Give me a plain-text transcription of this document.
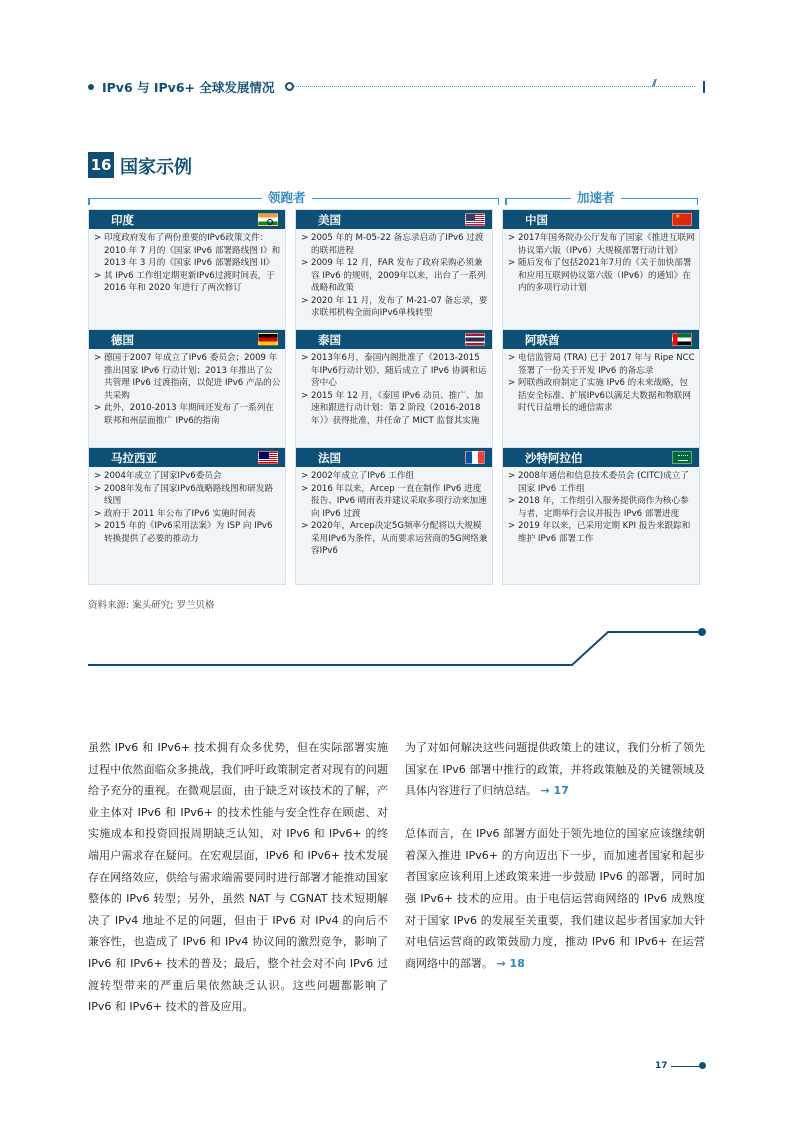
IPv6 与 IPv6+ 全球发展情况	//
16 国家示例
领跑者	加速者
印度
> 印度政府发布了两份重要的IPv6政策文件：2010 年 7 月的《国家 IPv6 部署路线图 I》和 2013 年 3 月的《国家 IPv6 部署路线图 II》
> 其 IPv6 工作组定期更新IPv6过渡时间表，于 2016 年和 2020 年进行了两次修订
美国
> 2005 年的 M-05-22 备忘录启动了IPv6 过渡的联邦进程
> 2009 年 12 月，FAR 发布了政府采购必须兼容 IPv6 的规则，2009年以来，出台了一系列战略和政策
> 2020 年 11 月，发布了 M-21-07 备忘录，要求联邦机构全面向IPv6单栈转型
中国
★
> 2017年国务院办公厅发布了国家《推进互联网协议第六版（IPv6）大规模部署行动计划》
> 随后发布了包括2021年7月的《关于加快部署和应用互联网协议第六版（IPv6）的通知》在内的多项行动计划
德国
> 德国于2007 年成立了IPv6 委员会；2009 年推出国家 IPv6 行动计划；2013 年推出了公共管理 IPv6 过渡指南，以促进 IPv6 产品的公共采购
> 此外，2010-2013 年期间还发布了一系列在联邦和州层面推广 IPv6的指南
泰国
> 2013年6月，泰国内阁批准了《2013-2015年IPv6行动计划》，随后成立了 IPv6 协调和运营中心
> 2015 年 12 月，《泰国 IPv6 动员、推广、加速和跟进行动计划：第 2 阶段（2016-2018 年）》获得批准，并任命了 MICT 监督其实施
阿联酋
> 电信监管局 (TRA) 已于 2017 年与 Ripe NCC 签署了一份关于开发 IPv6 的备忘录
> 阿联酋政府制定了实施 IPv6 的未来战略，包括安全标准、扩展IPv6以满足大数据和物联网时代日益增长的通信需求
马拉西亚
> 2004年成立了国家IPv6委员会
> 2008年发布了国家IPv6战略路线图和研发路线图
> 政府于 2011 年公布了IPv6 实施时间表
> 2015 年的《IPv6采用法案》为 ISP 向 IPv6转换提供了必要的推动力
法国
> 2002年成立了IPv6 工作组
> 2016 年以来，Arcep 一直在制作 IPv6 进度报告、IPv6 晴雨表并建议采取多项行动来加速向 IPv6 过渡
> 2020年，Arcep决定5G频率分配将以大规模采用IPv6为条件，从而要求运营商的5G网络兼容IPv6
沙特阿拉伯
> 2008年通信和信息技术委员会 (CITC)成立了国家 IPv6 工作组
> 2018 年，工作组引入服务提供商作为核心参与者，定期举行会议并报告 IPv6 部署进度
> 2019 年以来，已采用定期 KPI 报告来跟踪和维护 IPv6 部署工作
资料来源: 案头研究; 罗兰贝格

虽然 IPv6 和 IPv6+ 技术拥有众多优势，但在实际部署实施过程中依然面临众多挑战，我们呼吁政策制定者对现有的问题给予充分的重视。在微观层面，由于缺乏对该技术的了解，产业主体对 IPv6 和 IPv6+ 的技术性能与安全性存在顾虑、对实施成本和投资回报周期缺乏认知、对 IPv6 和 IPv6+ 的终端用户需求存在疑问。在宏观层面，IPv6 和 IPv6+ 技术发展存在网络效应，供给与需求端需要同时进行部署才能推动国家整体的 IPv6 转型；另外，虽然 NAT 与 CGNAT 技术短期解决了 IPv4 地址不足的问题，但由于 IPv6 对 IPv4 的向后不兼容性，也造成了 IPv6 和 IPv4 协议间的激烈竞争，影响了 IPv6 和 IPv6+ 技术的普及；最后，整个社会对不向 IPv6 过渡转型带来的严重后果依然缺乏认识。这些问题都影响了 IPv6 和 IPv6+ 技术的普及应用。

为了对如何解决这些问题提供政策上的建议，我们分析了领先国家在 IPv6 部署中推行的政策，并将政策触及的关键领域及具体内容进行了归纳总结。 → 17

总体而言，在 IPv6 部署方面处于领先地位的国家应该继续朝着深入推进 IPv6+ 的方向迈出下一步，而加速者国家和起步者国家应该利用上述政策来进一步鼓励 IPv6 的部署，同时加强 IPv6+ 技术的应用。由于电信运营商网络的 IPv6 成熟度对于国家 IPv6 的发展至关重要，我们建议起步者国家加大针对电信运营商的政策鼓励力度，推动 IPv6 和 IPv6+ 在运营商网络中的部署。 → 18

17
